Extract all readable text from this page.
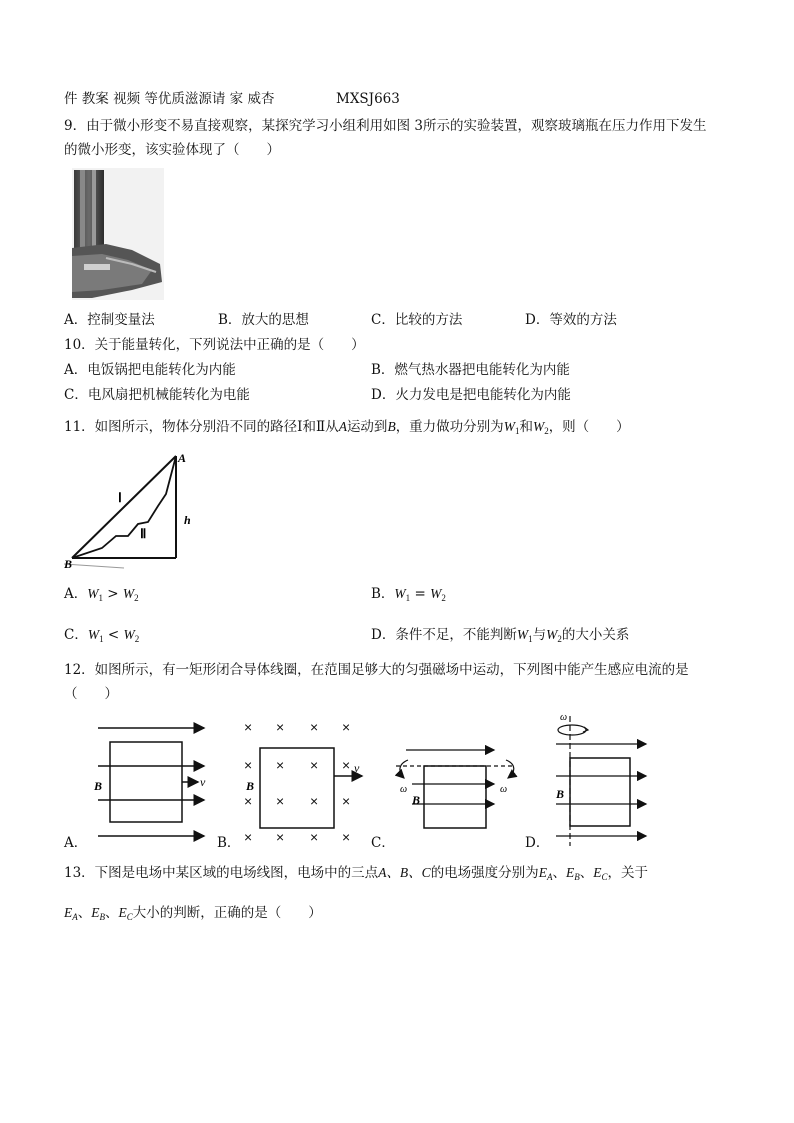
件 教案 视频 等优质滋源请 家 威杏	MXSJ663
9．由于微小形变不易直接观察，某探究学习小组利用如图 3所示的实验装置，观察玻璃瓶在压力作用下发生
的微小形变，该实验体现了（　　）
A．控制变量法	B．放大的思想	C．比较的方法	D．等效的方法
10．关于能量转化，下列说法中正确的是（　　）
A．电饭锅把电能转化为内能	B．燃气热水器把电能转化为内能
C．电风扇把机械能转化为电能	D．火力发电是把电能转化为内能
11．如图所示，物体分别沿不同的路径Ⅰ和Ⅱ从A运动到B，重力做功分别为$W_1$和$W_2$，则（　　）
A
B
h
Ⅰ
Ⅱ
A．$W_1 > W_2$	B．$W_1 = W_2$
C．$W_1 < W_2$	D．条件不足，不能判断$W_1$与$W_2$的大小关系
12．如图所示，有一矩形闭合导体线圈，在范围足够大的匀强磁场中运动，下列图中能产生感应电流的是
（　　）
B	v
A．
× × × ×
× × × ×
× × × ×
× × × ×
B
v
B．
ω	ω
B
C．
ω
B
D．
13．下图是电场中某区域的电场线图，电场中的三点A、B、C的电场强度分别为$E_A$、$E_B$、$E_C$，关于
$E_A$、$E_B$、$E_C$大小的判断，正确的是（　　）
